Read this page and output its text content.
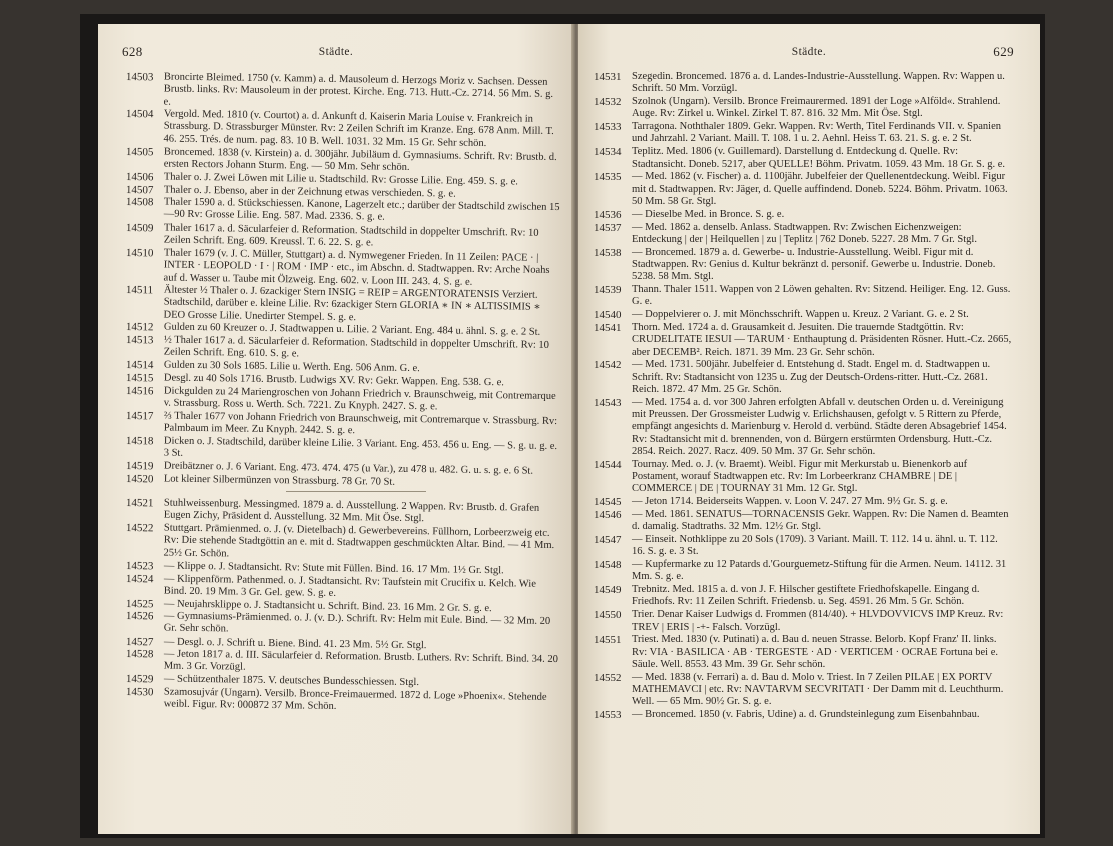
628	Städte.
14503 Broncirte Bleimed. 1750 (v. Kamm) a. d. Mausoleum d. Herzogs Moriz v. Sachsen. Dessen Brustb. links. Rv: Mausoleum in der protest. Kirche. Eng. 713. Hutt.-Cz. 2714. 56 Mm. S. g. e.
14504 Vergold. Med. 1810 (v. Courtot) a. d. Ankunft d. Kaiserin Maria Louise v. Frankreich in Strassburg. D. Strassburger Münster. Rv: 2 Zeilen Schrift im Kranze. Eng. 678 Anm. Mill. T. 46. 255. Trés. de num. pag. 83. 10 B. Well. 1031. 32 Mm. 15 Gr. Sehr schön.
14505 Broncemed. 1838 (v. Kirstein) a. d. 300jähr. Jubiläum d. Gymnasiums. Schrift. Rv: Brustb. d. ersten Rectors Johann Sturm. Eng. — 50 Mm. Sehr schön.
14506 Thaler o. J. Zwei Löwen mit Lilie u. Stadtschild. Rv: Grosse Lilie. Eng. 459. S. g. e.
14507 Thaler o. J. Ebenso, aber in der Zeichnung etwas verschieden. S. g. e.
14508 Thaler 1590 a. d. Stückschiessen. Kanone, Lagerzelt etc.; darüber der Stadtschild zwischen 15—90 Rv: Grosse Lilie. Eng. 587. Mad. 2336. S. g. e.
14509 Thaler 1617 a. d. Säcularfeier d. Reformation. Stadtschild in doppelter Umschrift. Rv: 10 Zeilen Schrift. Eng. 609. Kreussl. T. 6. 22. S. g. e.
14510 Thaler 1679 (v. J. C. Müller, Stuttgart) a. d. Nymwegener Frieden. In 11 Zeilen: PACE · | INTER · LEOPOLD · I · | ROM · IMP · etc., im Abschn. d. Stadtwappen. Rv: Arche Noahs auf d. Wasser u. Taube mit Ölzweig. Eng. 602. v. Loon III. 243. 4. S. g. e.
14511 Ältester ½ Thaler o. J. 6zackiger Stern INSIG = REIP = ARGENTORATENSIS Verziert. Stadtschild, darüber e. kleine Lilie. Rv: 6zackiger Stern GLORIA ∗ IN ∗ ALTISSIMIS ∗ DEO Grosse Lilie. Unedirter Stempel. S. g. e.
14512 Gulden zu 60 Kreuzer o. J. Stadtwappen u. Lilie. 2 Variant. Eng. 484 u. ähnl. S. g. e. 2 St.
14513 ½ Thaler 1617 a. d. Säcularfeier d. Reformation. Stadtschild in doppelter Umschrift. Rv: 10 Zeilen Schrift. Eng. 610. S. g. e.
14514 Gulden zu 30 Sols 1685. Lilie u. Werth. Eng. 506 Anm. G. e.
14515 Desgl. zu 40 Sols 1716. Brustb. Ludwigs XV. Rv: Gekr. Wappen. Eng. 538. G. e.
14516 Dickgulden zu 24 Mariengroschen von Johann Friedrich v. Braunschweig, mit Contremarque v. Strassburg. Ross u. Werth. Sch. 7221. Zu Knyph. 2427. S. g. e.
14517 ⅔ Thaler 1677 von Johann Friedrich von Braunschweig, mit Contremarque v. Strassburg. Rv: Palmbaum im Meer. Zu Knyph. 2442. S. g. e.
14518 Dicken o. J. Stadtschild, darüber kleine Lilie. 3 Variant. Eng. 453. 456 u. Eng. — S. g. u. g. e. 3 St.
14519 Dreibätzner o. J. 6 Variant. Eng. 473. 474. 475 (u Var.), zu 478 u. 482. G. u. s. g. e. 6 St.
14520 Lot kleiner Silbermünzen von Strassburg. 78 Gr. 70 St.
14521 Stuhlweissenburg. Messingmed. 1879 a. d. Ausstellung. 2 Wappen. Rv: Brustb. d. Grafen Eugen Zichy, Präsident d. Ausstellung. 32 Mm. Mit Öse. Stgl.
14522 Stuttgart. Prämienmed. o. J. (v. Dietelbach) d. Gewerbevereins. Füllhorn, Lorbeerzweig etc. Rv: Die stehende Stadtgöttin an e. mit d. Stadtwappen geschmückten Altar. Bind. — 41 Mm. 25½ Gr. Schön.
14523 — Klippe o. J. Stadtansicht. Rv: Stute mit Füllen. Bind. 16. 17 Mm. 1½ Gr. Stgl.
14524 — Klippenförm. Pathenmed. o. J. Stadtansicht. Rv: Taufstein mit Crucifix u. Kelch. Wie Bind. 20. 19 Mm. 3 Gr. Gel. gew. S. g. e.
14525 — Neujahrsklippe o. J. Stadtansicht u. Schrift. Bind. 23. 16 Mm. 2 Gr. S. g. e.
14526 — Gymnasiums-Prämienmed. o. J. (v. D.). Schrift. Rv: Helm mit Eule. Bind. — 32 Mm. 20 Gr. Sehr schön.
14527 — Desgl. o. J. Schrift u. Biene. Bind. 41. 23 Mm. 5½ Gr. Stgl.
14528 — Jeton 1817 a. d. III. Säcularfeier d. Reformation. Brustb. Luthers. Rv: Schrift. Bind. 34. 20 Mm. 3 Gr. Vorzügl.
14529 — Schützenthaler 1875. V. deutsches Bundesschiessen. Stgl.
14530 Szamosujvár (Ungarn). Versilb. Bronce-Freimauermed. 1872 d. Loge »Phoenix«. Stehende weibl. Figur. Rv: 000872 37 Mm. Schön.
629
Städte.
14531 Szegedin. Broncemed. 1876 a. d. Landes-Industrie-Ausstellung. Wappen. Rv: Wappen u. Schrift. 50 Mm. Vorzügl.
14532 Szolnok (Ungarn). Versilb. Bronce Freimaurermed. 1891 der Loge »Alföld«. Strahlend. Auge. Rv: Zirkel u. Winkel. Zirkel T. 87. 816. 32 Mm. Mit Öse. Stgl.
14533 Tarragona. Noththaler 1809. Gekr. Wappen. Rv: Werth, Titel Ferdinands VII. v. Spanien und Jahrzahl. 2 Variant. Maill. T. 108. 1 u. 2. Aehnl. Heiss T. 63. 21. S. g. e. 2 St.
14534 Teplitz. Med. 1806 (v. Guillemard). Darstellung d. Entdeckung d. Quelle. Rv: Stadtansicht. Doneb. 5217, aber QUELLE! Böhm. Privatm. 1059. 43 Mm. 18 Gr. S. g. e.
14535 — Med. 1862 (v. Fischer) a. d. 1100jähr. Jubelfeier der Quellenentdeckung. Weibl. Figur mit d. Stadtwappen. Rv: Jäger, d. Quelle auffindend. Doneb. 5224. Böhm. Privatm. 1063. 50 Mm. 58 Gr. Stgl.
14536 — Dieselbe Med. in Bronce. S. g. e.
14537 — Med. 1862 a. denselb. Anlass. Stadtwappen. Rv: Zwischen Eichenzweigen: Entdeckung | der | Heilquellen | zu | Teplitz | 762 Doneb. 5227. 28 Mm. 7 Gr. Stgl.
14538 — Broncemed. 1879 a. d. Gewerbe- u. Industrie-Ausstellung. Weibl. Figur mit d. Stadtwappen. Rv: Genius d. Kultur bekränzt d. personif. Gewerbe u. Industrie. Doneb. 5238. 58 Mm. Stgl.
14539 Thann. Thaler 1511. Wappen von 2 Löwen gehalten. Rv: Sitzend. Heiliger. Eng. 12. Guss. G. e.
14540 — Doppelvierer o. J. mit Mönchsschrift. Wappen u. Kreuz. 2 Variant. G. e. 2 St.
14541 Thorn. Med. 1724 a. d. Grausamkeit d. Jesuiten. Die trauernde Stadtgöttin. Rv: CRUDELITATE IESUI — TARUM · Enthauptung d. Präsidenten Rösner. Hutt.-Cz. 2665, aber DECEMB². Reich. 1871. 39 Mm. 23 Gr. Sehr schön.
14542 — Med. 1731. 500jähr. Jubelfeier d. Entstehung d. Stadt. Engel m. d. Stadtwappen u. Schrift. Rv: Stadtansicht von 1235 u. Zug der Deutsch-Ordens-ritter. Hutt.-Cz. 2681. Reich. 1872. 47 Mm. 25 Gr. Schön.
14543 — Med. 1754 a. d. vor 300 Jahren erfolgten Abfall v. deutschen Orden u. d. Vereinigung mit Preussen. Der Grossmeister Ludwig v. Erlichshausen, gefolgt v. 5 Rittern zu Pferde, empfängt angesichts d. Marienburg v. Herold d. verbünd. Städte deren Absagebrief 1454. Rv: Stadtansicht mit d. brennenden, von d. Bürgern erstürmten Ordensburg. Hutt.-Cz. 2854. Reich. 2027. Racz. 409. 50 Mm. 37 Gr. Sehr schön.
14544 Tournay. Med. o. J. (v. Braemt). Weibl. Figur mit Merkurstab u. Bienenkorb auf Postament, worauf Stadtwappen etc. Rv: Im Lorbeerkranz CHAMBRE | DE | COMMERCE | DE | TOURNAY 31 Mm. 12 Gr. Stgl.
14545 — Jeton 1714. Beiderseits Wappen. v. Loon V. 247. 27 Mm. 9½ Gr. S. g. e.
14546 — Med. 1861. SENATUS—TORNACENSIS Gekr. Wappen. Rv: Die Namen d. Beamten d. damalig. Stadtraths. 32 Mm. 12½ Gr. Stgl.
14547 — Einseit. Nothklippe zu 20 Sols (1709). 3 Variant. Maill. T. 112. 14 u. ähnl. u. T. 112. 16. S. g. e. 3 St.
14548 — Kupfermarke zu 12 Patards d.'Gourguemetz-Stiftung für die Armen. Neum. 14112. 31 Mm. S. g. e.
14549 Trebnitz. Med. 1815 a. d. von J. F. Hilscher gestiftete Friedhofskapelle. Eingang d. Friedhofs. Rv: 11 Zeilen Schrift. Friedensb. u. Seg. 4591. 26 Mm. 5 Gr. Schön.
14550 Trier. Denar Kaiser Ludwigs d. Frommen (814/40). + HLVDOVVICVS IMP Kreuz. Rv: TREV | ERIS | -+- Falsch. Vorzügl.
14551 Triest. Med. 1830 (v. Putinati) a. d. Bau d. neuen Strasse. Belorb. Kopf Franz' II. links. Rv: VIA · BASILICA · AB · TERGESTE · AD · VERTICEM · OCRAE Fortuna bei e. Säule. Well. 8553. 43 Mm. 39 Gr. Sehr schön.
14552 — Med. 1838 (v. Ferrari) a. d. Bau d. Molo v. Triest. In 7 Zeilen PILAE | EX PORTV MATHEMAVCI | etc. Rv: NAVTARVM SECVRITATI · Der Damm mit d. Leuchthurm. Well. — 65 Mm. 90½ Gr. S. g. e.
14553 — Broncemed. 1850 (v. Fabris, Udine) a. d. Grundsteinlegung zum Eisenbahnbau.
